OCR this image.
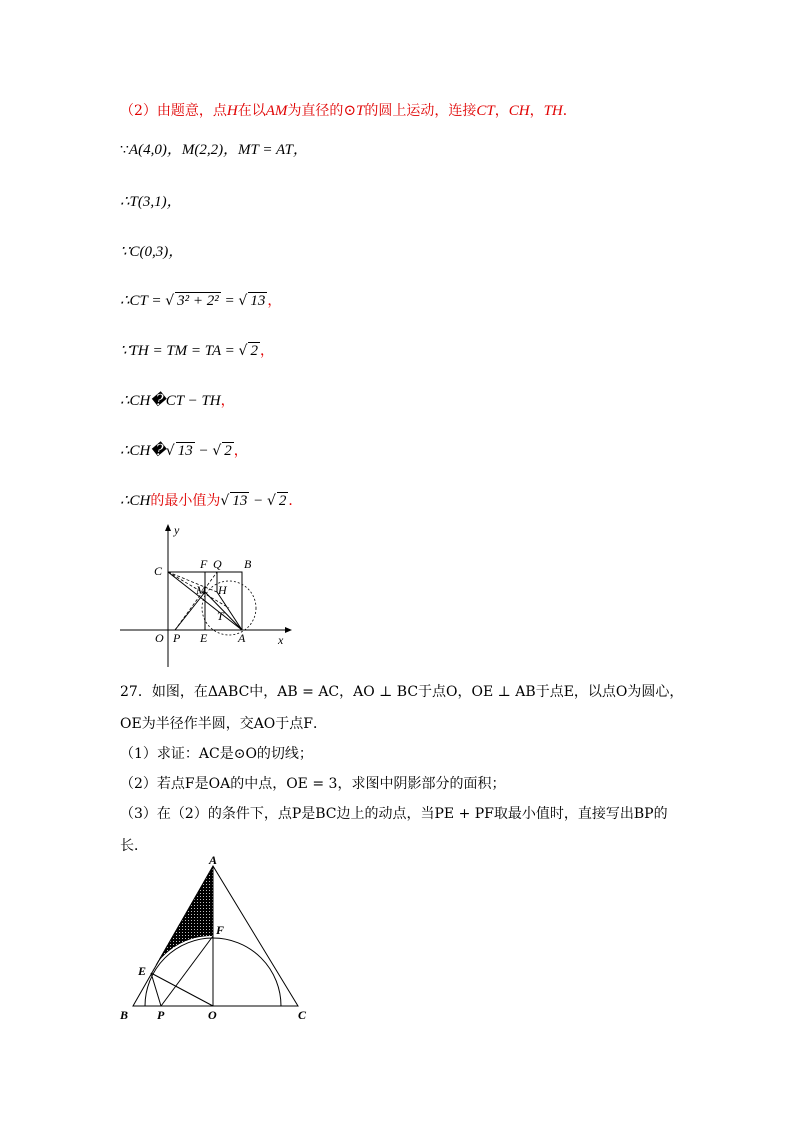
（2）由题意，点H在以AM为直径的⊙T的圆上运动，连接CT，CH，TH．
∵A(4,0)，M(2,2)，MT = AT，
∴T(3,1)，
∵C(0,3)，
∴CT = √ 3² + 2² = √ 13 ，
∵TH = TM = TA = √ 2 ，
∴CH�CT − TH，
∴CH�√ 13 − √ 2 ，
∴CH的最小值为√ 13 − √ 2 ．
y
x
C	F Q B
M H
T
O P E	A
27．如图，在ΔABC中，AB = AC，AO ⊥ BC于点O，OE ⊥ AB于点E，以点O为圆心，
OE为半径作半圆，交AO于点F．
（1）求证：AC是⊙O的切线；
（2）若点F是OA的中点，OE = 3，求图中阴影部分的面积；
（3）在（2）的条件下，点P是BC边上的动点，当PE + PF取最小值时，直接写出BP的
长．
A
F
E
B P	O	C
